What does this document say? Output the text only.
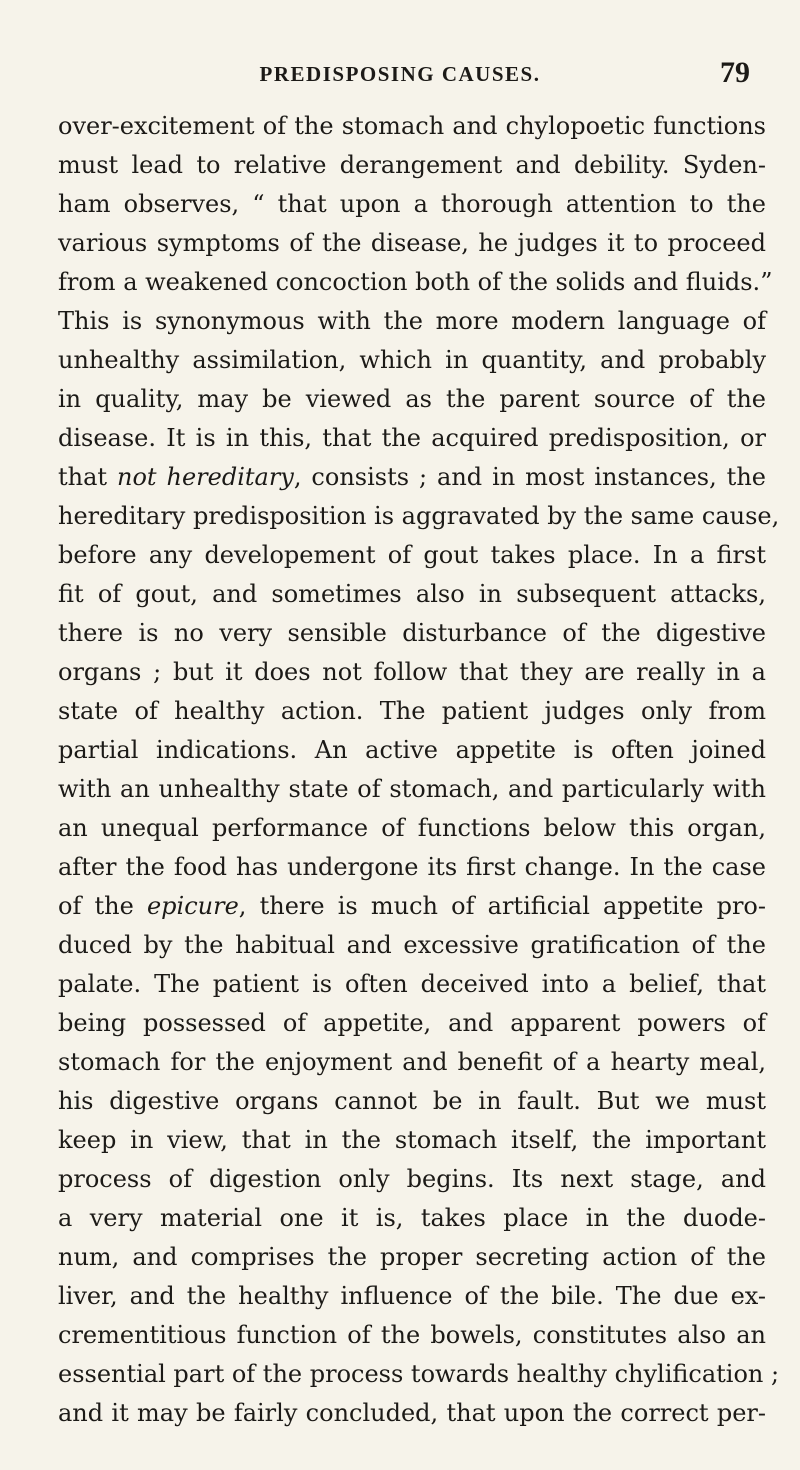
PREDISPOSING CAUSES.	79
over-excitement of the stomach and chylopoetic functions
must lead to relative derangement and debility. Syden-
ham observes, “ that upon a thorough attention to the
various symptoms of the disease, he judges it to proceed
from a weakened concoction both of the solids and fluids.”
This is synonymous with the more modern language of
unhealthy assimilation, which in quantity, and probably
in quality, may be viewed as the parent source of the
disease. It is in this, that the acquired predisposition, or
that not hereditary, consists ; and in most instances, the
hereditary predisposition is aggravated by the same cause,
before any developement of gout takes place. In a first
fit of gout, and sometimes also in subsequent attacks,
there is no very sensible disturbance of the digestive
organs ; but it does not follow that they are really in a
state of healthy action. The patient judges only from
partial indications. An active appetite is often joined
with an unhealthy state of stomach, and particularly with
an unequal performance of functions below this organ,
after the food has undergone its first change. In the case
of the epicure, there is much of artificial appetite pro-
duced by the habitual and excessive gratification of the
palate. The patient is often deceived into a belief, that
being possessed of appetite, and apparent powers of
stomach for the enjoyment and benefit of a hearty meal,
his digestive organs cannot be in fault. But we must
keep in view, that in the stomach itself, the important
process of digestion only begins. Its next stage, and
a very material one it is, takes place in the duode-
num, and comprises the proper secreting action of the
liver, and the healthy influence of the bile. The due ex-
crementitious function of the bowels, constitutes also an
essential part of the process towards healthy chylification ;
and it may be fairly concluded, that upon the correct per-
